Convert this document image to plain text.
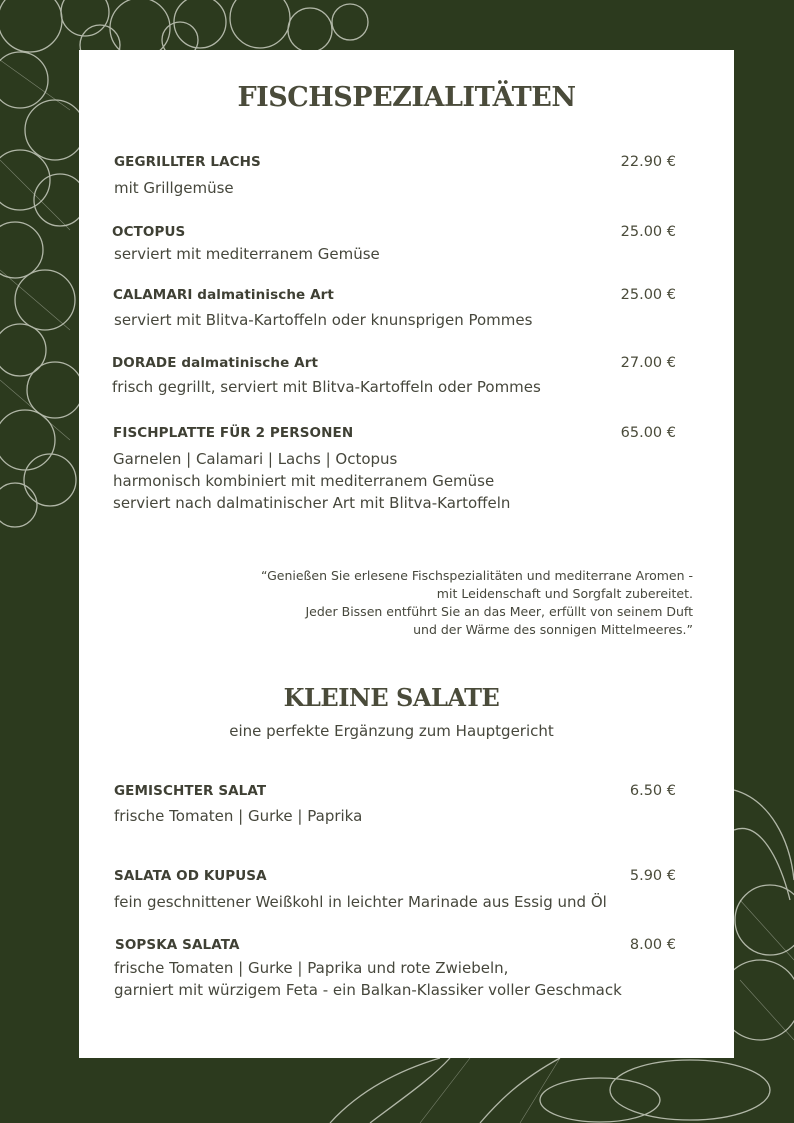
FISCHSPEZIALITÄTEN
GEGRILLTER LACHS	22.90 €
mit Grillgemüse
OCTOPUS	25.00 €
serviert mit mediterranem Gemüse
CALAMARI dalmatinische Art	25.00 €
serviert mit Blitva-Kartoffeln oder knunsprigen Pommes
DORADE dalmatinische Art	27.00 €
frisch gegrillt, serviert mit Blitva-Kartoffeln oder Pommes
FISCHPLATTE FÜR 2 PERSONEN	65.00 €
Garnelen | Calamari | Lachs | Octopus
harmonisch kombiniert mit mediterranem Gemüse
serviert nach dalmatinischer Art mit Blitva-Kartoffeln
“Genießen Sie erlesene Fischspezialitäten und mediterrane Aromen -
mit Leidenschaft und Sorgfalt zubereitet.
Jeder Bissen entführt Sie an das Meer, erfüllt von seinem Duft
und der Wärme des sonnigen Mittelmeeres.”
KLEINE SALATE
eine perfekte Ergänzung zum Hauptgericht
GEMISCHTER SALAT	6.50 €
frische Tomaten | Gurke | Paprika
SALATA OD KUPUSA	5.90 €
fein geschnittener Weißkohl in leichter Marinade aus Essig und Öl
SOPSKA SALATA	8.00 €
frische Tomaten | Gurke | Paprika und rote Zwiebeln,
garniert mit würzigem Feta - ein Balkan-Klassiker voller Geschmack
